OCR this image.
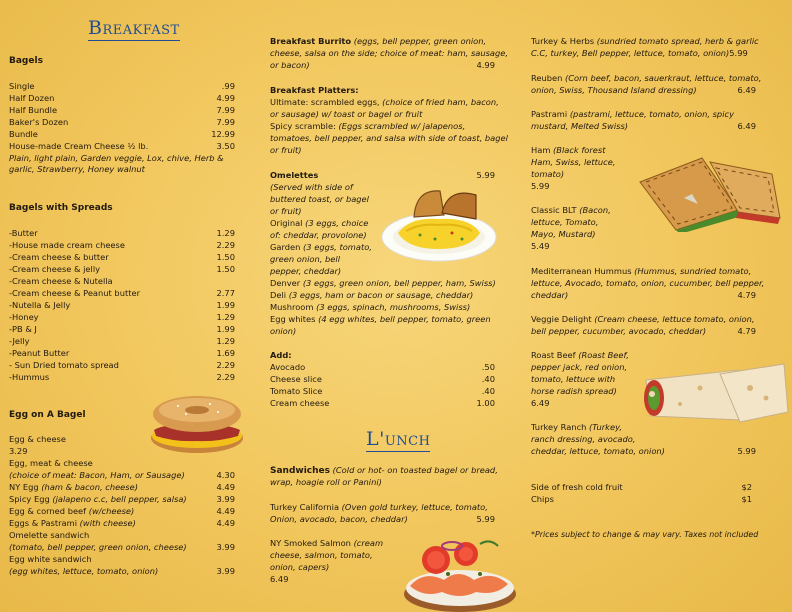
Breakfast
Bagels
Single	.99
Half Dozen	4.99
Half Bundle	7.99
Baker's Dozen	7.99
Bundle	12.99
House-made Cream Cheese ½ lb.	3.50
Plain, light plain, Garden veggie, Lox, chive, Herb &
garlic, Strawberry, Honey walnut
Bagels with Spreads
-Butter	1.29
-House made cream cheese	2.29
-Cream cheese & butter	1.50
-Cream cheese & jelly	1.50
-Cream cheese & Nutella
-Cream cheese & Peanut butter	2.77
-Nutella & Jelly	1.99
-Honey	1.29
-PB & J	1.99
-Jelly	1.29
-Peanut Butter	1.69
- Sun Dried tomato spread	2.29
-Hummus	2.29
Egg on A Bagel
Egg & cheese
3.29
Egg, meat & cheese
(choice of meat: Bacon, Ham, or Sausage)	4.30
NY Egg (ham & bacon, cheese)	4.49
Spicy Egg (jalapeno c.c, bell pepper, salsa)	3.99
Egg & corned beef (w/cheese)	4.49
Eggs & Pastrami (with cheese)	4.49
Omelette sandwich
(tomato, bell pepper, green onion, cheese)	3.99
Egg white sandwich
(egg whites, lettuce, tomato, onion)	3.99
Breakfast Burrito (eggs, bell pepper, green onion,
cheese, salsa on the side; choice of meat: ham, sausage,
or bacon)	4.99
Breakfast Platters:
Ultimate: scrambled eggs, (choice of fried ham, bacon,
or sausage) w/ toast or bagel or fruit
Spicy scramble: (Eggs scrambled w/ jalapenos,
tomatoes, bell pepper, and salsa with side of toast, bagel
or fruit)
Omelettes	5.99
(Served with side of
buttered toast, or bagel
or fruit)
Original (3 eggs, choice
of: cheddar, provolone)
Garden (3 eggs, tomato,
green onion, bell
pepper, cheddar)
Denver (3 eggs, green onion, bell pepper, ham, Swiss)
Deli (3 eggs, ham or bacon or sausage, cheddar)
Mushroom (3 eggs, spinach, mushrooms, Swiss)
Egg whites (4 egg whites, bell pepper, tomato, green
onion)
Add:
Avocado	.50
Cheese slice	.40
Tomato Slice	.40
Cream cheese	1.00
L'unch
Sandwiches (Cold or hot- on toasted bagel or bread,
wrap, hoagie roll or Panini)
Turkey California (Oven gold turkey, lettuce, tomato,
Onion, avocado, bacon, cheddar)	5.99
NY Smoked Salmon (cream
cheese, salmon, tomato,
onion, capers)
6.49
Turkey & Herbs (sundried tomato spread, herb & garlic
C.C, turkey, Bell pepper, lettuce, tomato, onion)5.99
Reuben (Corn beef, bacon, sauerkraut, lettuce, tomato,
onion, Swiss, Thousand Island dressing)	6.49
Pastrami (pastrami, lettuce, tomato, onion, spicy
mustard, Melted Swiss)	6.49
Ham (Black forest
Ham, Swiss, lettuce,
tomato)
5.99
Classic BLT (Bacon,
lettuce, Tomato,
Mayo, Mustard)
5.49
Mediterranean Hummus (Hummus, sundried tomato,
lettuce, Avocado, tomato, onion, cucumber, bell pepper,
cheddar)	4.79
Veggie Delight (Cream cheese, lettuce tomato, onion,
bell pepper, cucumber, avocado, cheddar)	4.79
Roast Beef (Roast Beef,
pepper jack, red onion,
tomato, lettuce with
horse radish spread)
6.49
Turkey Ranch (Turkey,
ranch dressing, avocado,
cheddar, lettuce, tomato, onion)	5.99
Side of fresh cold fruit	$2
Chips	$1
*Prices subject to change & may vary. Taxes not included
